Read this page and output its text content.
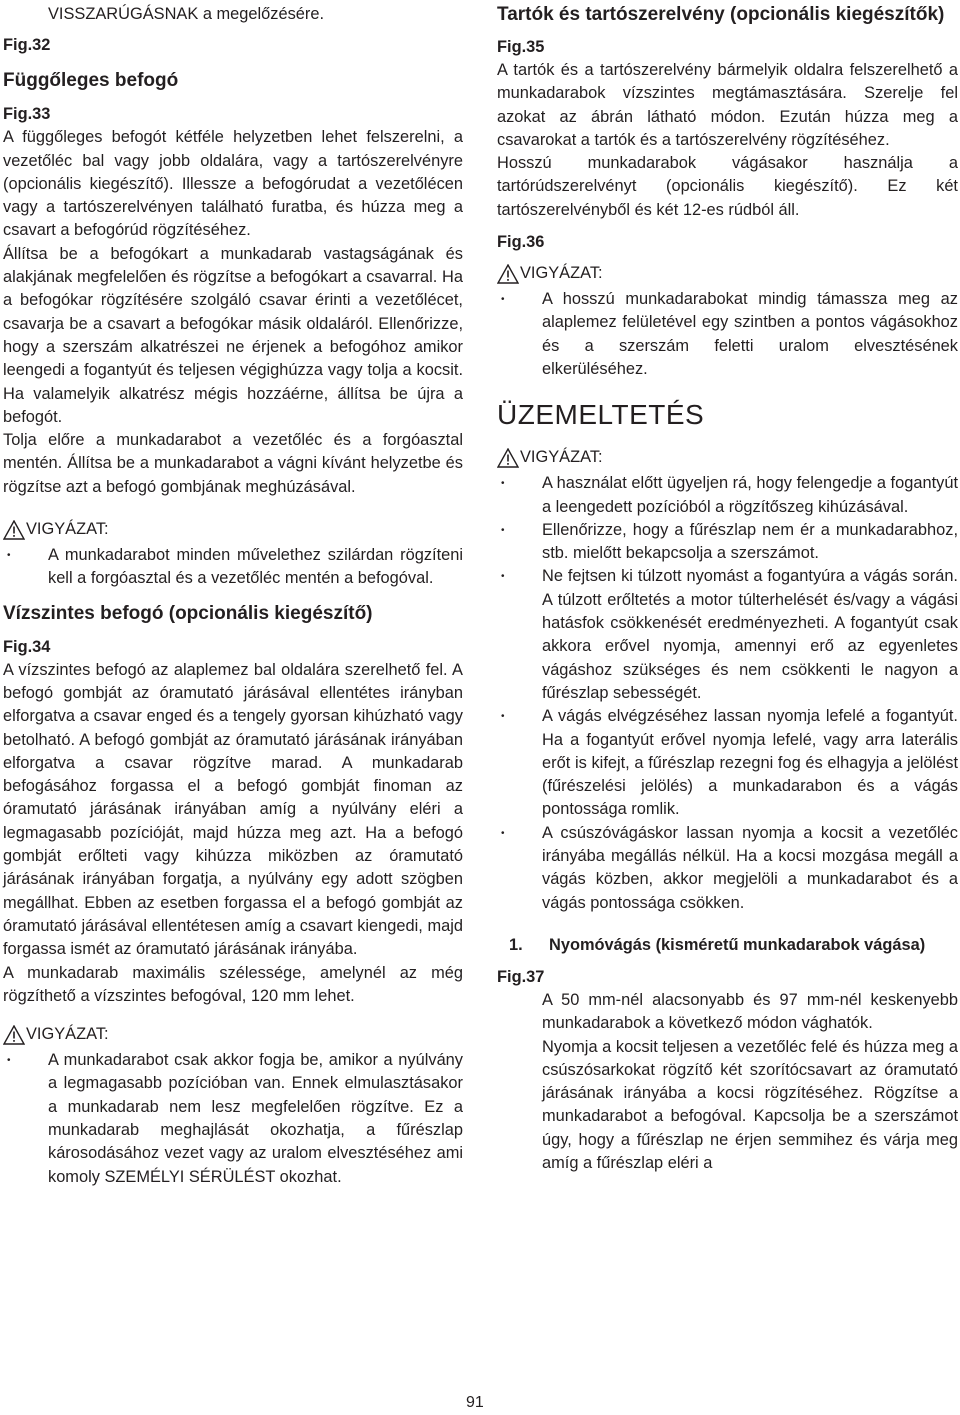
VISSZARÚGÁSNAK a megelőzésére.

Fig.32
Függőleges befogó
Fig.33

A függőleges befogót kétféle helyzetben lehet felszerelni, a vezetőléc bal vagy jobb oldalára, vagy a tartószerelvényre (opcionális kiegészítő). Illessze a befogórudat a vezetőlécen vagy a tartószerelvényen található furatba, és húzza meg a csavart a befogórúd rögzítéséhez.

Állítsa be a befogókart a munkadarab vastagságának és alakjának megfelelően és rögzítse a befogókart a csavarral. Ha a befogókar rögzítésére szolgáló csavar érinti a vezetőlécet, csavarja be a csavart a befogókar másik oldaláról. Ellenőrizze, hogy a szerszám alkatrészei ne érjenek a befogóhoz amikor leengedi a fogantyút és teljesen végighúzza vagy tolja a kocsit. Ha valamelyik alkatrész mégis hozzáérne, állítsa be újra a befogót.

Tolja előre a munkadarabot a vezetőléc és a forgóasztal mentén. Állítsa be a munkadarabot a vágni kívánt helyzetbe és rögzítse azt a befogó gombjának meghúzásával.

VIGYÁZAT:
• A munkadarabot minden művelethez szilárdan rögzíteni kell a forgóasztal és a vezetőléc mentén a befogóval.
Vízszintes befogó (opcionális kiegészítő)
Fig.34

A vízszintes befogó az alaplemez bal oldalára szerelhető fel. A befogó gombját az óramutató járásával ellentétes irányban elforgatva a csavar enged és a tengely gyorsan kihúzható vagy betolható. A befogó gombját az óramutató járásának irányában elforgatva a csavar rögzítve marad. A munkadarab befogásához forgassa el a befogó gombját finoman az óramutató járásának irányában amíg a nyúlvány eléri a legmagasabb pozícióját, majd húzza meg azt. Ha a befogó gombját erőlteti vagy kihúzza miközben az óramutató járásának irányában forgatja, a nyúlvány egy adott szögben megállhat. Ebben az esetben forgassa el a befogó gombját az óramutató járásával ellentétesen amíg a csavart kiengedi, majd forgassa ismét az óramutató járásának irányába.

A munkadarab maximális szélessége, amelynél az még rögzíthető a vízszintes befogóval, 120 mm lehet.

VIGYÁZAT:
• A munkadarabot csak akkor fogja be, amikor a nyúlvány a legmagasabb pozícióban van. Ennek elmulasztásakor a munkadarab nem lesz megfelelően rögzítve. Ez a munkadarab meghajlását okozhatja, a fűrészlap károsodásához vezet vagy az uralom elvesztéséhez ami komoly SZEMÉLYI SÉRÜLÉST okozhat.
Tartók és tartószerelvény (opcionális kiegészítők)
Fig.35

A tartók és a tartószerelvény bármelyik oldalra felszerelhető a munkadarabok vízszintes megtámasztására. Szerelje fel azokat az ábrán látható módon. Ezután húzza meg a csavarokat a tartók és a tartószerelvény rögzítéséhez.

Hosszú munkadarabok vágásakor használja a tartórúdszerelvényt (opcionális kiegészítő). Ez két tartószerelvényből és két 12-es rúdból áll.

Fig.36
VIGYÁZAT:
• A hosszú munkadarabokat mindig támassza meg az alaplemez felületével egy szintben a pontos vágásokhoz és a szerszám feletti uralom elvesztésének elkerüléséhez.
ÜZEMELTETÉS
VIGYÁZAT:
• A használat előtt ügyeljen rá, hogy felengedje a fogantyút a leengedett pozícióból a rögzítőszeg kihúzásával.
• Ellenőrizze, hogy a fűrészlap nem ér a munkadarabhoz, stb. mielőtt bekapcsolja a szerszámot.
• Ne fejtsen ki túlzott nyomást a fogantyúra a vágás során. A túlzott erőltetés a motor túlterhelését és/vagy a vágási hatásfok csökkenését eredményezheti. A fogantyút csak akkora erővel nyomja, amennyi erő az egyenletes vágáshoz szükséges és nem csökkenti le nagyon a fűrészlap sebességét.
• A vágás elvégzéséhez lassan nyomja lefelé a fogantyút. Ha a fogantyút erővel nyomja lefelé, vagy arra laterális erőt is kifejt, a fűrészlap rezegni fog és elhagyja a jelölést (fűrészelési jelölés) a munkadarabon és a vágás pontossága romlik.
• A csúszóvágáskor lassan nyomja a kocsit a vezetőléc irányába megállás nélkül. Ha a kocsi mozgása megáll a vágás közben, akkor megjelöli a munkadarabot és a vágás pontossága csökken.
1.	Nyomóvágás (kisméretű munkadarabok vágása)
Fig.37

A 50 mm-nél alacsonyabb és 97 mm-nél keskenyebb munkadarabok a következő módon vághatók.

Nyomja a kocsit teljesen a vezetőléc felé és húzza meg a csúszósarkokat rögzítő két szorítócsavart az óramutató járásának irányába a kocsi rögzítéséhez. Rögzítse a munkadarabot a befogóval. Kapcsolja be a szerszámot úgy, hogy a fűrészlap ne érjen semmihez és várja meg amíg a fűrészlap eléri a

91
